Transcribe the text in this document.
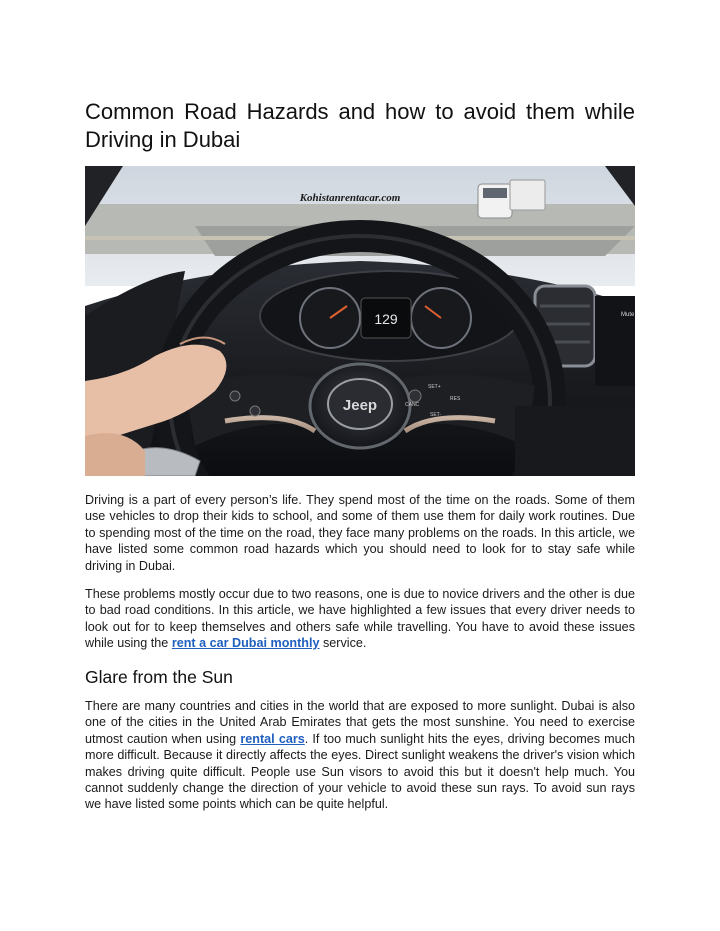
Common Road Hazards and how to avoid them while Driving in Dubai
Kohistanrentacar.com
129	Mute
Jeep
SET+
RES
SET-
CANC

Driving is a part of every person’s life. They spend most of the time on the roads. Some of them use vehicles to drop their kids to school, and some of them use them for daily work routines. Due to spending most of the time on the road, they face many problems on the roads. In this article, we have listed some common road hazards which you should need to look for to stay safe while driving in Dubai.

These problems mostly occur due to two reasons, one is due to novice drivers and the other is due to bad road conditions. In this article, we have highlighted a few issues that every driver needs to look out for to keep themselves and others safe while travelling. You have to avoid these issues while using the rent a car Dubai monthly service.

Glare from the Sun

There are many countries and cities in the world that are exposed to more sunlight. Dubai is also one of the cities in the United Arab Emirates that gets the most sunshine. You need to exercise utmost caution when using rental cars. If too much sunlight hits the eyes, driving becomes much more difficult. Because it directly affects the eyes. Direct sunlight weakens the driver's vision which makes driving quite difficult. People use Sun visors to avoid this but it doesn't help much. You cannot suddenly change the direction of your vehicle to avoid these sun rays. To avoid sun rays we have listed some points which can be quite helpful.
